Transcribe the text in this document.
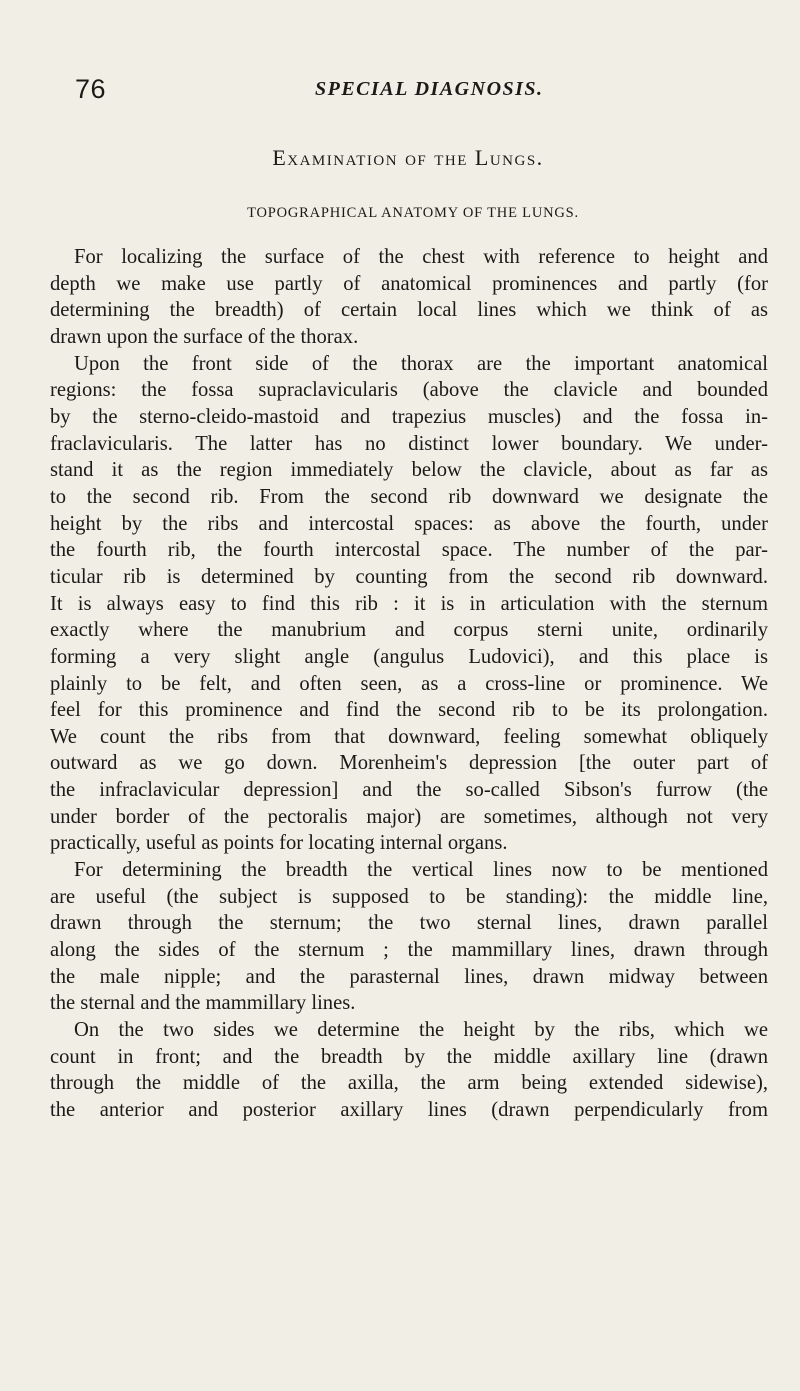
76	SPECIAL DIAGNOSIS.
Examination of the Lungs.
TOPOGRAPHICAL ANATOMY OF THE LUNGS.

For localizing the surface of the chest with reference to height and
depth we make use partly of anatomical prominences and partly (for
determining the breadth) of certain local lines which we think of as
drawn upon the surface of the thorax.

Upon the front side of the thorax are the important anatomical
regions: the fossa supraclavicularis (above the clavicle and bounded
by the sterno-cleido-mastoid and trapezius muscles) and the fossa in-
fraclavicularis. The latter has no distinct lower boundary. We under-
stand it as the region immediately below the clavicle, about as far as
to the second rib. From the second rib downward we designate the
height by the ribs and intercostal spaces: as above the fourth, under
the fourth rib, the fourth intercostal space. The number of the par-
ticular rib is determined by counting from the second rib downward.
It is always easy to find this rib : it is in articulation with the sternum
exactly where the manubrium and corpus sterni unite, ordinarily
forming a very slight angle (angulus Ludovici), and this place is
plainly to be felt, and often seen, as a cross-line or prominence. We
feel for this prominence and find the second rib to be its prolongation.
We count the ribs from that downward, feeling somewhat obliquely
outward as we go down. Morenheim's depression [the outer part of
the infraclavicular depression] and the so-called Sibson's furrow (the
under border of the pectoralis major) are sometimes, although not very
practically, useful as points for locating internal organs.

For determining the breadth the vertical lines now to be mentioned
are useful (the subject is supposed to be standing): the middle line,
drawn through the sternum; the two sternal lines, drawn parallel
along the sides of the sternum ; the mammillary lines, drawn through
the male nipple; and the parasternal lines, drawn midway between
the sternal and the mammillary lines.

On the two sides we determine the height by the ribs, which we
count in front; and the breadth by the middle axillary line (drawn
through the middle of the axilla, the arm being extended sidewise),
the anterior and posterior axillary lines (drawn perpendicularly from
